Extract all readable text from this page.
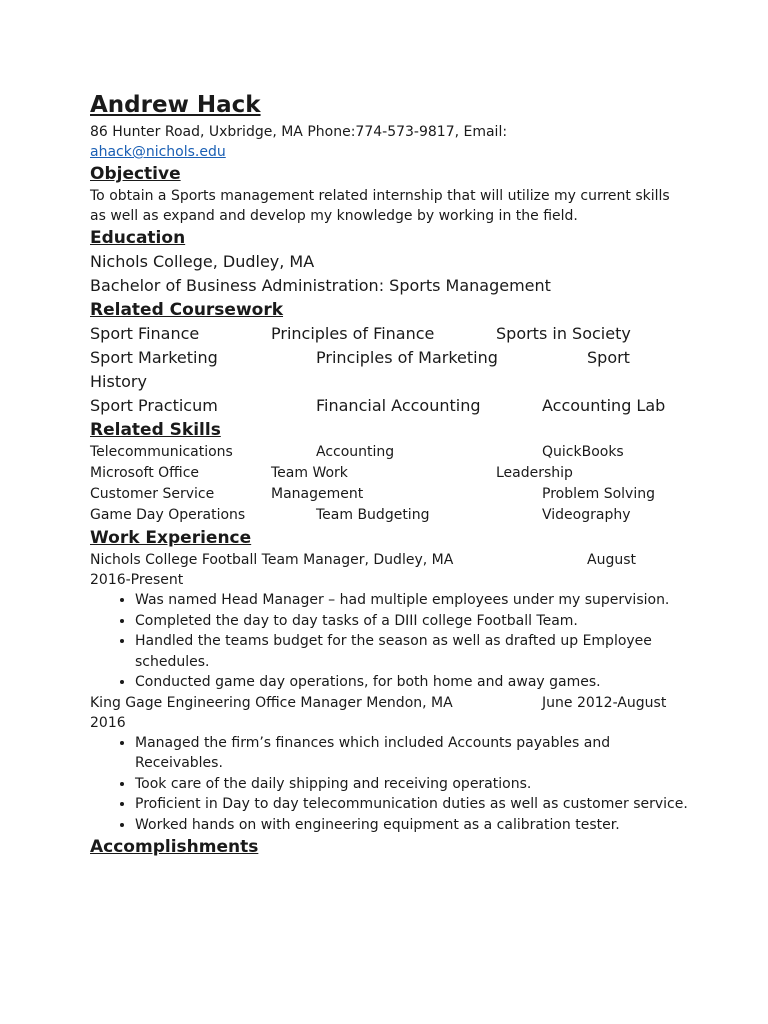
Andrew Hack

86 Hunter Road, Uxbridge, MA Phone:774-573-9817, Email:
ahack@nichols.edu

Objective

To obtain a Sports management related internship that will utilize my current skills as well as expand and develop my knowledge by working in the field.

Education

Nichols College, Dudley, MA

Bachelor of Business Administration: Sports Management

Related Coursework
Sport Finance	Principles of Finance	Sports in Society
Sport Marketing	Principles of Marketing	Sport History
Sport Practicum	Financial Accounting	Accounting Lab
Related Skills
Telecommunications	Accounting	QuickBooks
Microsoft Office	Team Work	Leadership
Customer Service	Management	Problem Solving
Game Day Operations	Team Budgeting	Videography
Work Experience
Nichols College Football Team Manager, Dudley, MA	August 2016-Present
• Was named Head Manager – had multiple employees under my supervision.
• Completed the day to day tasks of a DIII college Football Team.
• Handled the teams budget for the season as well as drafted up Employee schedules.
• Conducted game day operations, for both home and away games.
King Gage Engineering Office Manager Mendon, MA	June 2012-August 2016
• Managed the firm’s finances which included Accounts payables and Receivables.
• Took care of the daily shipping and receiving operations.
• Proficient in Day to day telecommunication duties as well as customer service.
• Worked hands on with engineering equipment as a calibration tester.
Accomplishments
